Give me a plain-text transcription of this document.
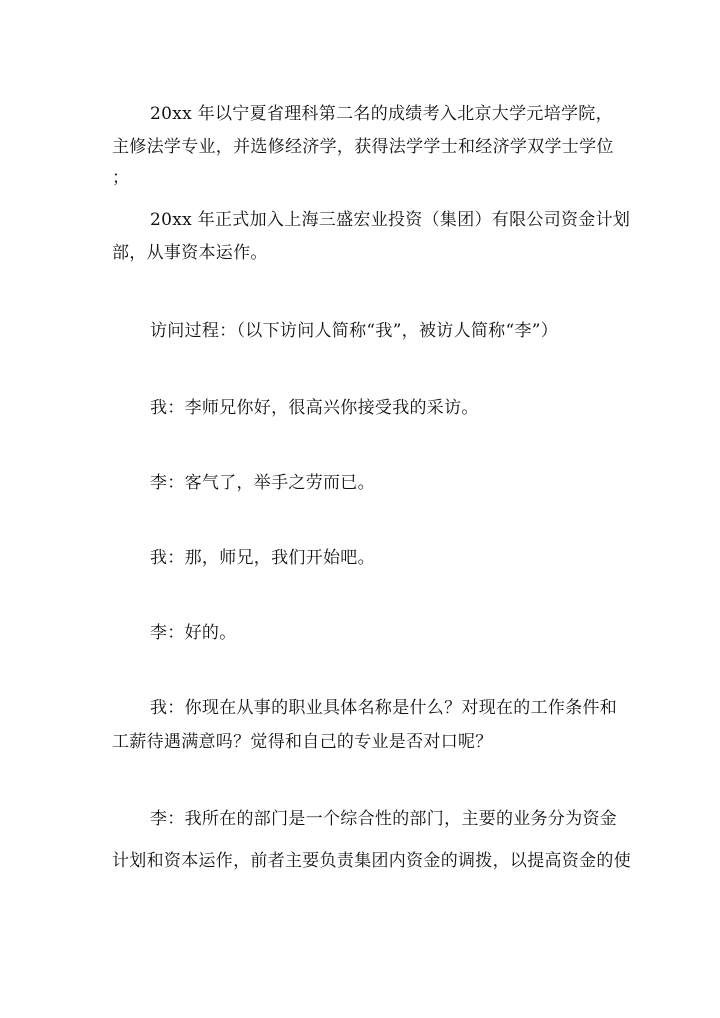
20xx 年以宁夏省理科第二名的成绩考入北京大学元培学院，
主修法学专业，并选修经济学，获得法学学士和经济学双学士学位
；
20xx 年正式加入上海三盛宏业投资（集团）有限公司资金计划
部，从事资本运作。
访问过程：（以下访问人简称“我”，被访人简称“李”）
我：李师兄你好，很高兴你接受我的采访。
李：客气了，举手之劳而已。
我：那，师兄，我们开始吧。
李：好的。
我：你现在从事的职业具体名称是什么？对现在的工作条件和
工薪待遇满意吗？觉得和自己的专业是否对口呢？
李：我所在的部门是一个综合性的部门，主要的业务分为资金
计划和资本运作，前者主要负责集团内资金的调拨，以提高资金的使
